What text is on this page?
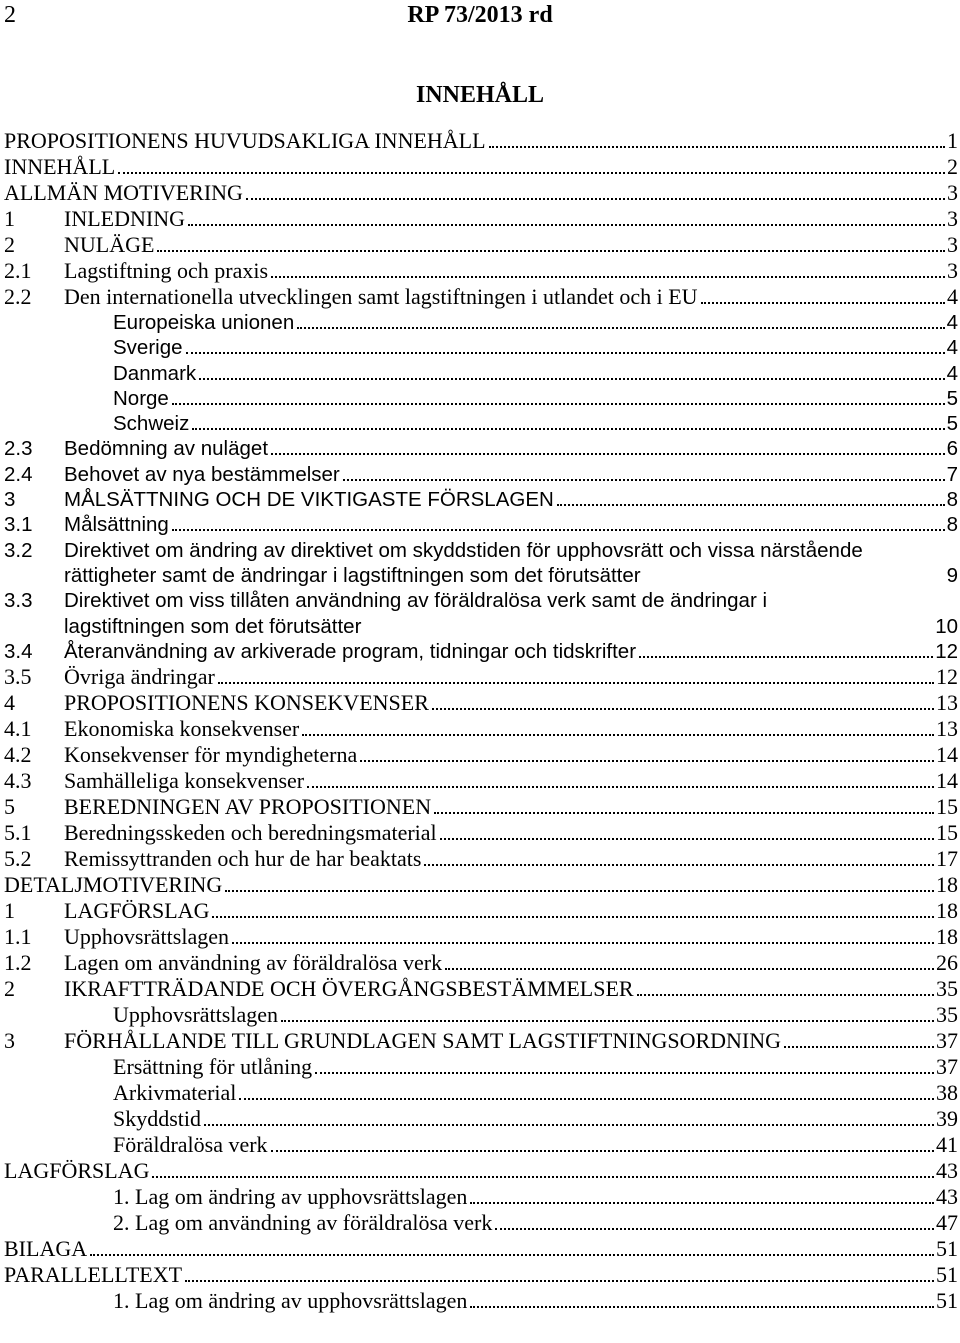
2	RP 73/2013 rd
INNEHÅLL
PROPOSITIONENS HUVUDSAKLIGA INNEHÅLL	1
INNEHÅLL	2
ALLMÄN MOTIVERING	3
1	INLEDNING	3
2	NULÄGE	3
2.1	Lagstiftning och praxis	3
2.2	Den internationella utvecklingen samt lagstiftningen i utlandet och i EU	4
Europeiska unionen	4
Sverige	4
Danmark	4
Norge	5
Schweiz	5
2.3	Bedömning av nuläget	6
2.4	Behovet av nya bestämmelser	7
3	MÅLSÄTTNING OCH DE VIKTIGASTE FÖRSLAGEN	8
3.1	Målsättning	8
3.2	Direktivet om ändring av direktivet om skyddstiden för upphovsrätt och vissa närstående rättigheter samt de ändringar i lagstiftningen som det förutsätter	9
3.3	Direktivet om viss tillåten användning av föräldralösa verk samt de ändringar i lagstiftningen som det förutsätter	10
3.4	Återanvändning av arkiverade program, tidningar och tidskrifter	12
3.5	Övriga ändringar	12
4	PROPOSITIONENS KONSEKVENSER	13
4.1	Ekonomiska konsekvenser	13
4.2	Konsekvenser för myndigheterna	14
4.3	Samhälleliga konsekvenser	14
5	BEREDNINGEN AV PROPOSITIONEN	15
5.1	Beredningsskeden och beredningsmaterial	15
5.2	Remissyttranden och hur de har beaktats	17
DETALJMOTIVERING	18
1	LAGFÖRSLAG	18
1.1	Upphovsrättslagen	18
1.2	Lagen om användning av föräldralösa verk	26
2	IKRAFTTRÄDANDE OCH ÖVERGÅNGSBESTÄMMELSER	35
Upphovsrättslagen	35
3	FÖRHÅLLANDE TILL GRUNDLAGEN SAMT LAGSTIFTNINGSORDNING	37
Ersättning för utlåning	37
Arkivmaterial	38
Skyddstid	39
Föräldralösa verk	41
LAGFÖRSLAG	43
1. Lag om ändring av upphovsrättslagen	43
2. Lag om användning av föräldralösa verk	47
BILAGA	51
PARALLELLTEXT	51
1. Lag om ändring av upphovsrättslagen	51
